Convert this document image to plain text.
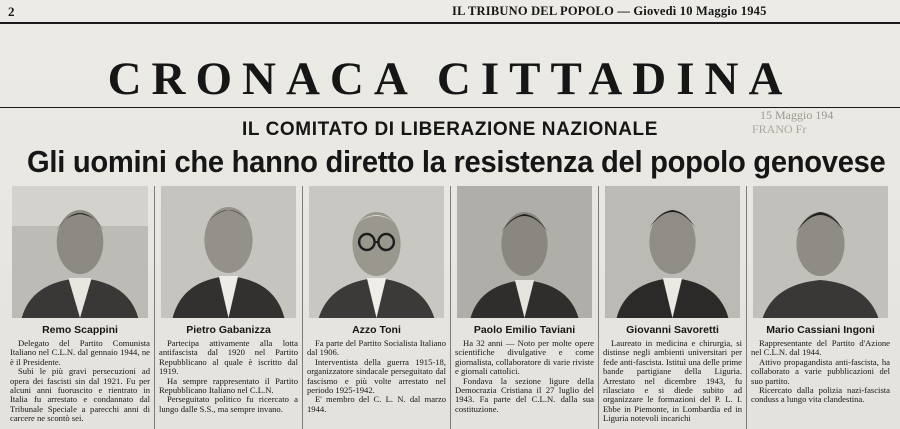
2	IL TRIBUNO DEL POPOLO — Giovedì 10 Maggio 1945
CRONACA CITTADINA
15 Maggio 194
FRANO Fr
IL COMITATO DI LIBERAZIONE NAZIONALE
Gli uomini che hanno diretto la resistenza del popolo genovese
Remo Scappini

Delegato del Partito Comunista Italiano nel C.L.N. dal gennaio 1944, ne è il Presidente.

Subì le più gravi persecuzioni ad opera dei fascisti sin dal 1921. Fu per alcuni anni fuoruscito e rientrato in Italia fu arrestato e condannato dal Tribunale Speciale a parecchi anni di carcere ne scontò sei.

Pietro Gabanizza

Partecipa attivamente alla lotta antifascista dal 1920 nel Partito Repubblicano al quale è iscritto dal 1919.

Ha sempre rappresentato il Partito Repubblicano Italiano nel C.L.N.

Perseguitato politico fu ricercato a lungo dalle S.S., ma sempre invano.

Azzo Toni

Fa parte del Partito Socialista Italiano dal 1906.

Interventista della guerra 1915-18, organizzatore sindacale perseguitato dal fascismo e più volte arrestato nel periodo 1925-1942.

E' membro del C. L. N. dal marzo 1944.

Paolo Emilio Taviani

Ha 32 anni — Noto per molte opere scientifiche divulgative e come giornalista, collaboratore di varie riviste e giornali cattolici.

Fondava la sezione ligure della Democrazia Cristiana il 27 luglio del 1943. Fa parte del C.L.N. dalla sua costituzione.

Giovanni Savoretti

Laureato in medicina e chirurgia, si distinse negli ambienti universitari per fede anti-fascista. Istituì una delle prime bande partigiane della Liguria. Arrestato nel dicembre 1943, fu rilasciato e si diede subito ad organizzare le formazioni del P. L. I. Ebbe in Piemonte, in Lombardia ed in Liguria notevoli incarichi

Mario Cassiani Ingoni

Rappresentante del Partito d'Azione nel C.L.N. dal 1944.

Attivo propagandista anti-fascista, ha collaborato a varie pubblicazioni del suo partito.

Ricercato dalla polizia nazi-fascista conduss a lungo vita clandestina.
